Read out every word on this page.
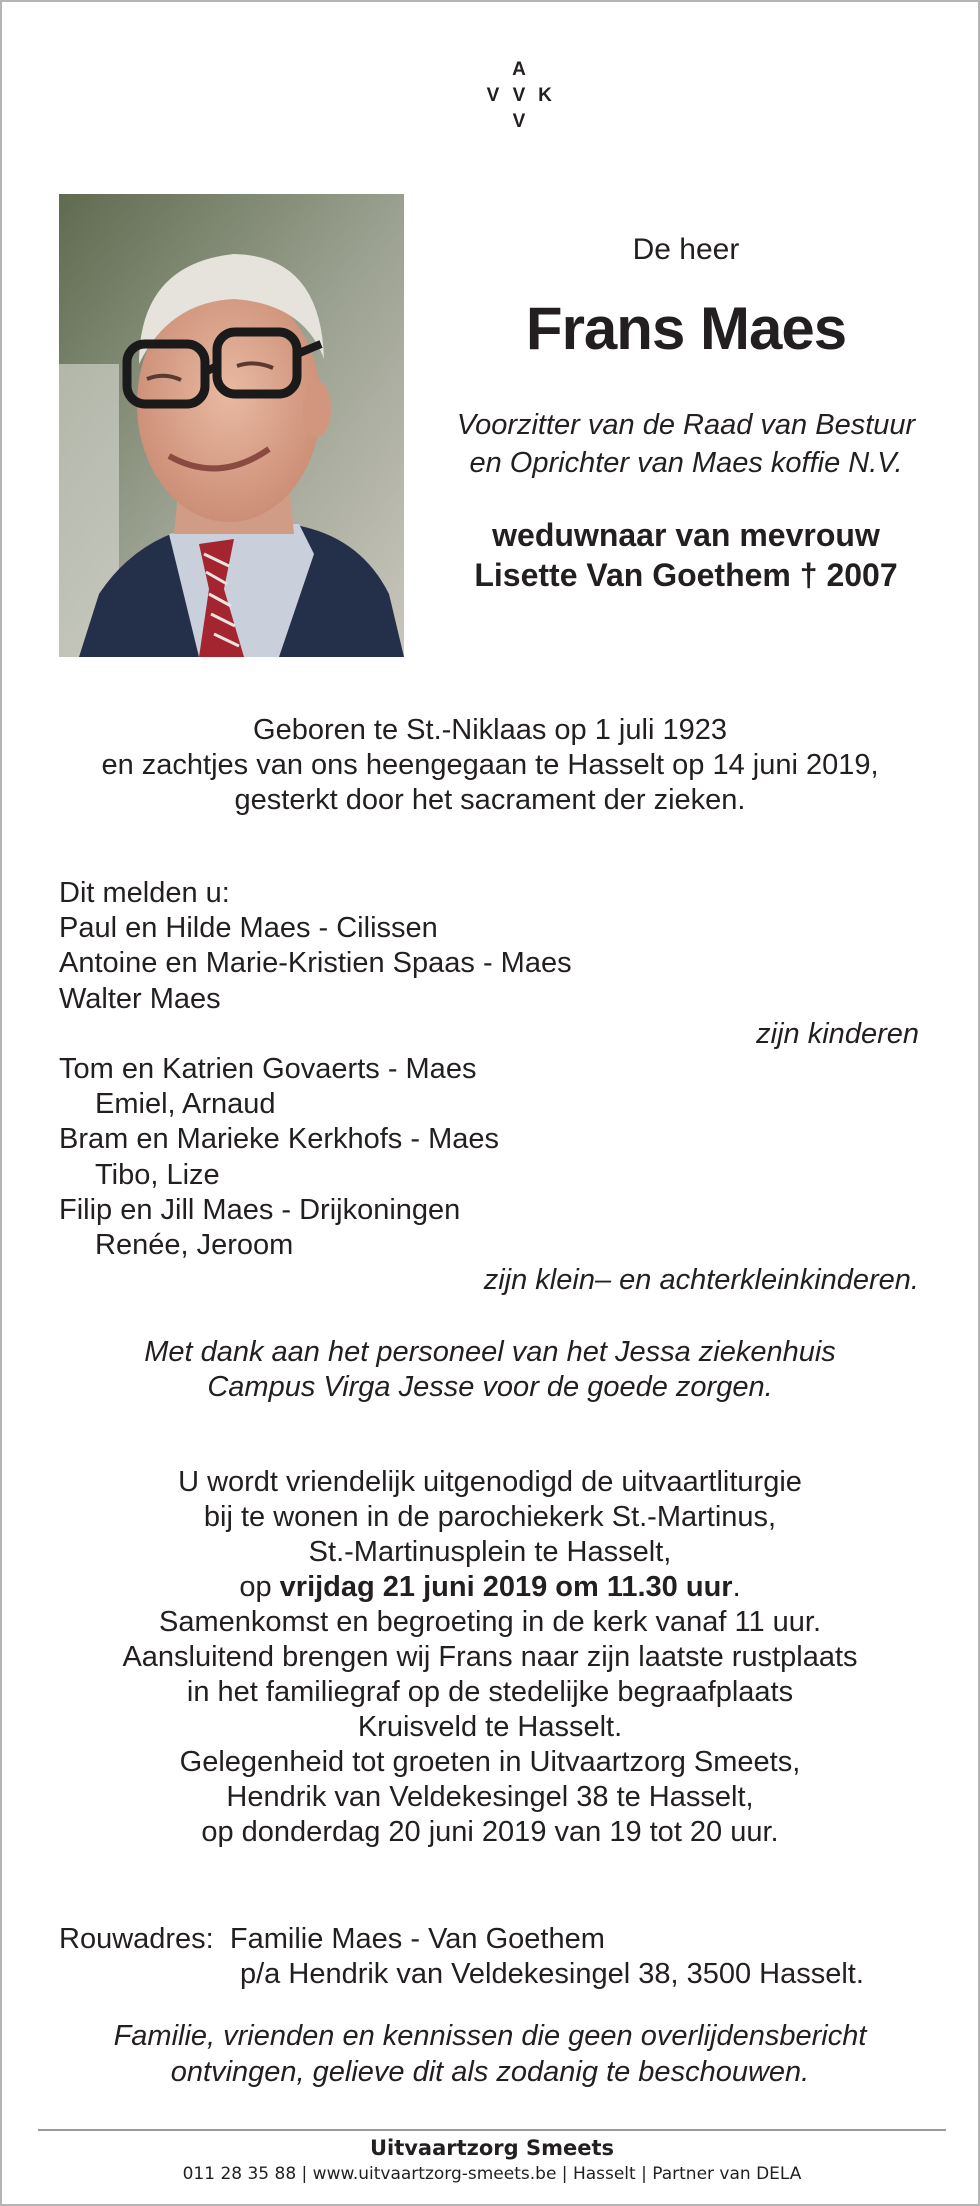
A
V V K
V
De heer
Frans Maes
Voorzitter van de Raad van Bestuur
en Oprichter van Maes koffie N.V.
weduwnaar van mevrouw
Lisette Van Goethem † 2007
Geboren te St.-Niklaas op 1 juli 1923
en zachtjes van ons heengegaan te Hasselt op 14 juni 2019,
gesterkt door het sacrament der zieken.
Dit melden u:
Paul en Hilde Maes - Cilissen
Antoine en Marie-Kristien Spaas - Maes
Walter Maes
zijn kinderen
Tom en Katrien Govaerts - Maes
Emiel, Arnaud
Bram en Marieke Kerkhofs - Maes
Tibo, Lize
Filip en Jill Maes - Drijkoningen
Renée, Jeroom
zijn klein– en achterkleinkinderen.
Met dank aan het personeel van het Jessa ziekenhuis
Campus Virga Jesse voor de goede zorgen.
U wordt vriendelijk uitgenodigd de uitvaartliturgie
bij te wonen in de parochiekerk St.-Martinus,
St.-Martinusplein te Hasselt,
op vrijdag 21 juni 2019 om 11.30 uur.
Samenkomst en begroeting in de kerk vanaf 11 uur.
Aansluitend brengen wij Frans naar zijn laatste rustplaats
in het familiegraf op de stedelijke begraafplaats
Kruisveld te Hasselt.
Gelegenheid tot groeten in Uitvaartzorg Smeets,
Hendrik van Veldekesingel 38 te Hasselt,
op donderdag 20 juni 2019 van 19 tot 20 uur.
Rouwadres: Familie Maes - Van Goethem
p/a Hendrik van Veldekesingel 38, 3500 Hasselt.
Familie, vrienden en kennissen die geen overlijdensbericht
ontvingen, gelieve dit als zodanig te beschouwen.
Uitvaartzorg Smeets
011 28 35 88 | www.uitvaartzorg-smeets.be | Hasselt | Partner van DELA
